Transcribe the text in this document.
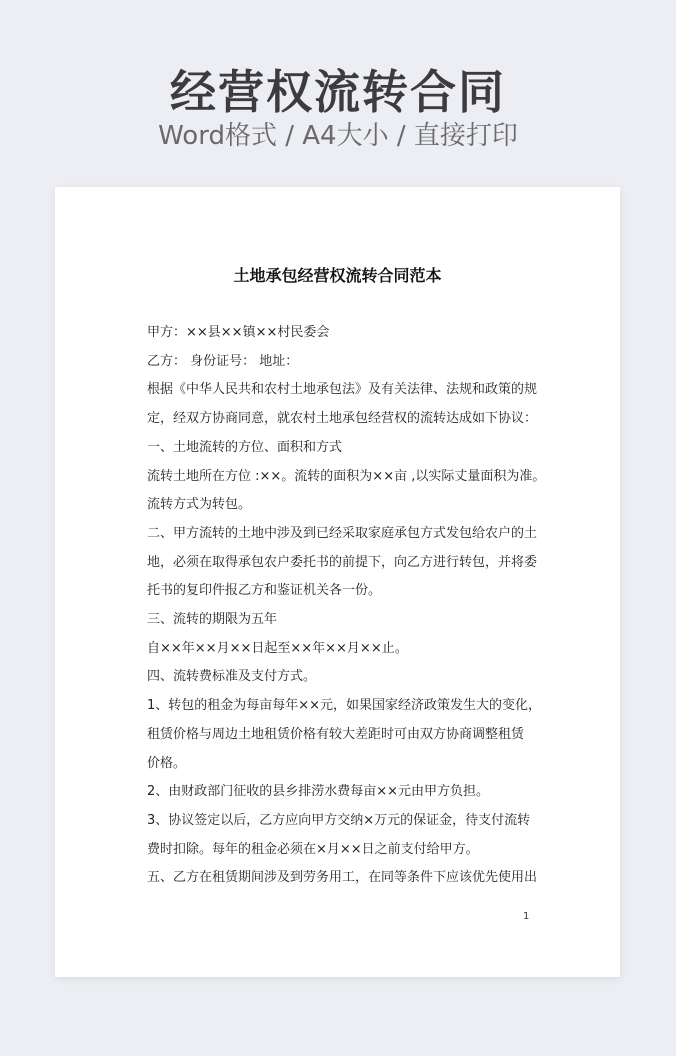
经营权流转合同
Word格式 / A4大小 / 直接打印
土地承包经营权流转合同范本

甲方：××县××镇××村民委会

乙方： 身份证号： 地址：

根据《中华人民共和农村土地承包法》及有关法律、法规和政策的规

定，经双方协商同意，就农村土地承包经营权的流转达成如下协议：

一、土地流转的方位、面积和方式

流转土地所在方位 :××。流转的面积为××亩 ,以实际丈量面积为准。

流转方式为转包。

二、甲方流转的土地中涉及到已经采取家庭承包方式发包给农户的土

地，必须在取得承包农户委托书的前提下，向乙方进行转包，并将委

托书的复印件报乙方和鉴证机关各一份。

三、流转的期限为五年

自××年××月××日起至××年××月××止。

四、流转费标准及支付方式。

1、转包的租金为每亩每年××元，如果国家经济政策发生大的变化，

租赁价格与周边土地租赁价格有较大差距时可由双方协商调整租赁

价格。

2、由财政部门征收的县乡排涝水费每亩××元由甲方负担。

3、协议签定以后，乙方应向甲方交纳×万元的保证金，待支付流转

费时扣除。每年的租金必须在×月××日之前支付给甲方。

五、乙方在租赁期间涉及到劳务用工，在同等条件下应该优先使用出

1
